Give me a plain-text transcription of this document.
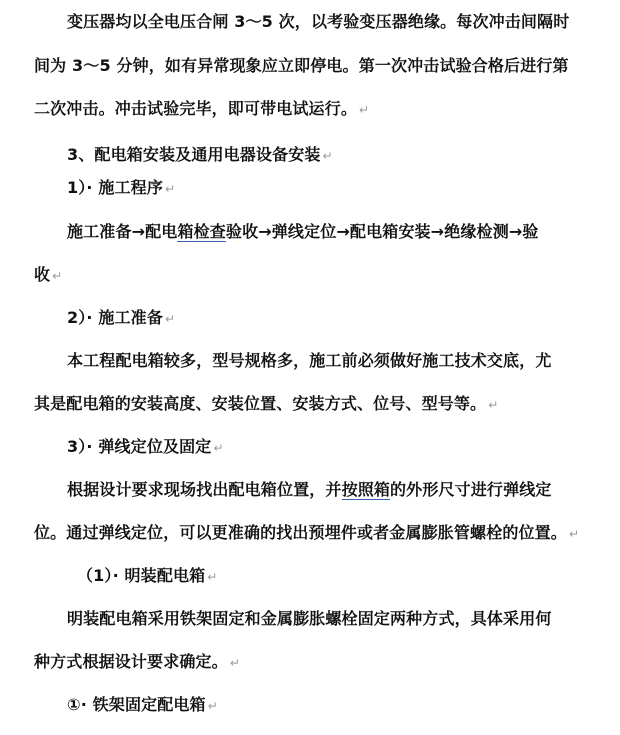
变压器均以全电压合闸 3～5 次，以考验变压器绝缘。每次冲击间隔时
间为 3～5 分钟，如有异常现象应立即停电。第一次冲击试验合格后进行第
二次冲击。冲击试验完毕，即可带电试运行。 ↵
3、配电箱安装及通用电器设备安装 ↵
1）· 施工程序 ↵
施工准备→配电箱检查验收→弹线定位→配电箱安装→绝缘检测→验
收 ↵
2）· 施工准备 ↵
本工程配电箱较多，型号规格多，施工前必须做好施工技术交底，尤
其是配电箱的安装高度、安装位置、安装方式、位号、型号等。 ↵
3）· 弹线定位及固定 ↵
根据设计要求现场找出配电箱位置，并按照箱的外形尺寸进行弹线定
位。通过弹线定位，可以更准确的找出预埋件或者金属膨胀管螺栓的位置。 ↵
（1）· 明装配电箱 ↵
明装配电箱采用铁架固定和金属膨胀螺栓固定两种方式，具体采用何
种方式根据设计要求确定。 ↵
①· 铁架固定配电箱 ↵
